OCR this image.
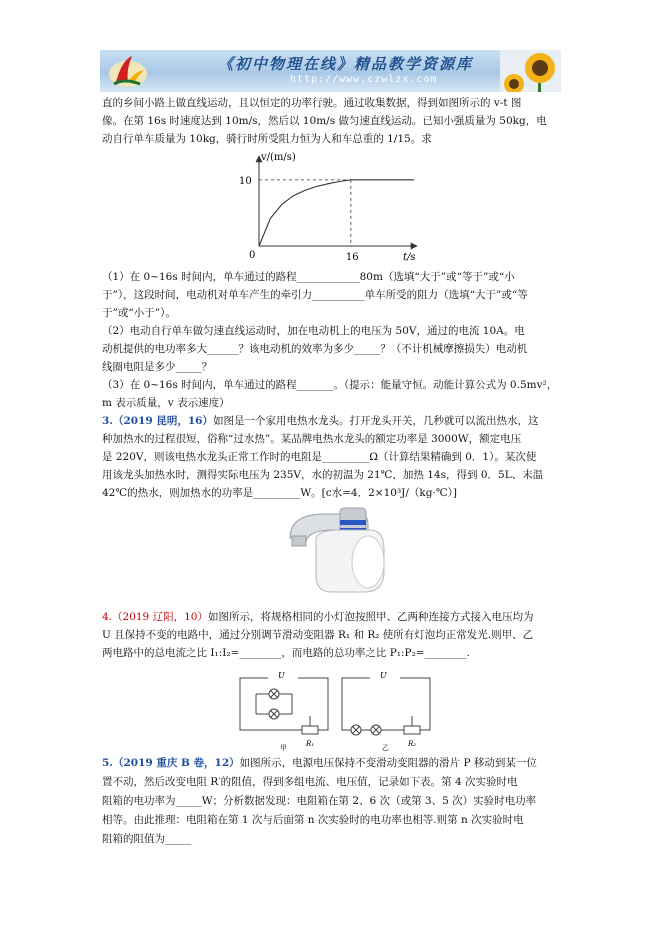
《初中物理在线》精品教学资源库
http://www.czwlzx.com
直的乡间小路上做直线运动，且以恒定的功率行驶。通过收集数据，得到如图所示的 v-t 图
像。在第 16s 时速度达到 10m/s，然后以 10m/s 做匀速直线运动。已知小强质量为 50kg，电
动自行单车质量为 10kg，骑行时所受阻力恒为人和车总重的 1/15。求
v/(m/s)
t/s
0
10
16
（1）在 0~16s 时间内，单车通过的路程____________80m（选填“大于”或“等于”或“小
于”），这段时间，电动机对单车产生的牵引力__________单车所受的阻力（选填“大于”或“等
于”或“小于”）。
（2）电动自行单车做匀速直线运动时，加在电动机上的电压为 50V，通过的电流 10A。电
动机提供的电功率多大______？该电动机的效率为多少_____？（不计机械摩擦损失）电动机
线圈电阻是多少_____？
（3）在 0~16s 时间内，单车通过的路程_______。（提示：能量守恒。动能计算公式为 0.5mv²，
m 表示质量，v 表示速度）
3.（2019 昆明，16）如图是一个家用电热水龙头。打开龙头开关，几秒就可以流出热水，这
种加热水的过程很短，俗称“过水热”。某品牌电热水龙头的额定功率是 3000W，额定电压
是 220V，则该电热水龙头正常工作时的电阻是_________Ω（计算结果精确到 0．1）。某次使
用该龙头加热水时，测得实际电压为 235V，水的初温为 21℃，加热 14s，得到 0．5L、末温
42℃的热水，则加热水的功率是_________W。[c水=4．2×10³J/（kg·℃）]
4.（2019 辽阳，10）如图所示，将规格相同的小灯泡按照甲、乙两种连接方式接入电压均为
U 且保持不变的电路中，通过分别调节滑动变阻器 R₁ 和 R₂ 使所有灯泡均正常发光.则甲、乙
两电路中的总电流之比 I₁:I₂=________，而电路的总功率之比 P₁:P₂=________.
U
R₁
甲
U
R₂
乙
5.（2019 重庆 B 卷，12）如图所示，电源电压保持不变滑动变阻器的滑片 P 移动到某一位
置不动，然后改变电阻 R′的阻值，得到多组电流、电压值，记录如下表。第 4 次实验时电
阻箱的电功率为_____W；分析数据发现：电阻箱在第 2、6 次（或第 3、5 次）实验时电功率
相等。由此推理：电阻箱在第 1 次与后面第 n 次实验时的电功率也相等.则第 n 次实验时电
阻箱的阻值为_____
